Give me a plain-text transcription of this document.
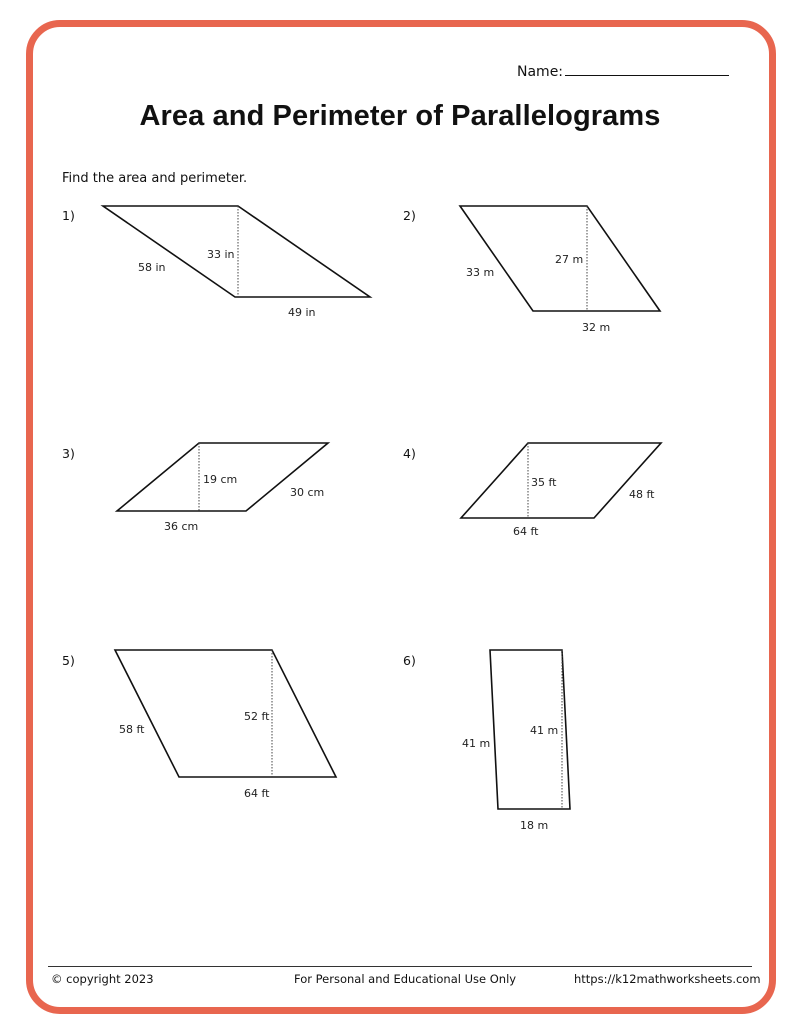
Name:
Area and Perimeter of Parallelograms
Find the area and perimeter.
1)	2)
3)	4)
5)	6)
33 in
58 in
49 in
27 m
33 m
32 m
19 cm
30 cm
36 cm
35 ft
48 ft
64 ft
52 ft
58 ft
64 ft
41 m
41 m
18 m
© copyright 2023	For Personal and Educational Use Only	https://k12mathworksheets.com
